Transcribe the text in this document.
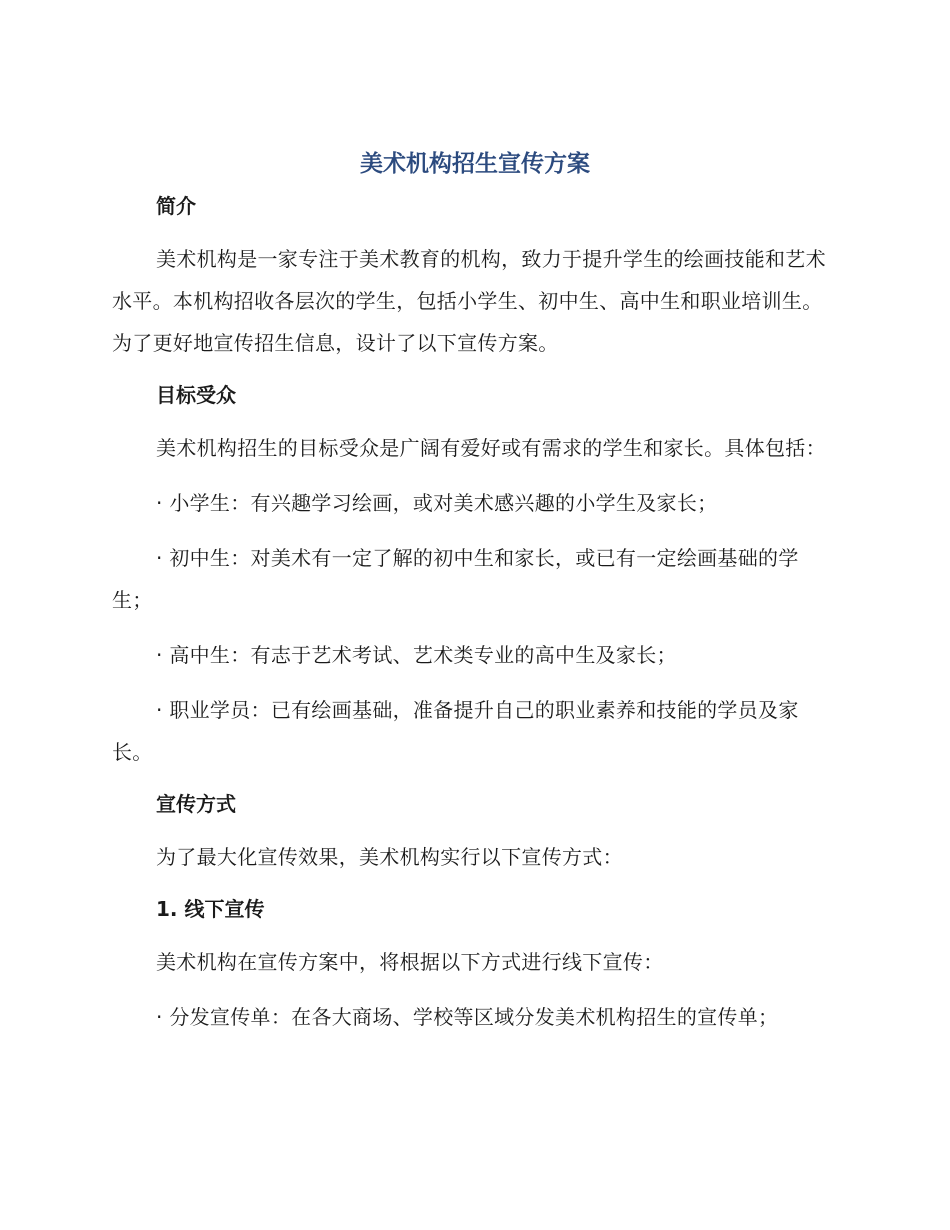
美术机构招生宣传方案
简介
美术机构是一家专注于美术教育的机构，致力于提升学生的绘画技能和艺术水平。本机构招收各层次的学生，包括小学生、初中生、高中生和职业培训生。为了更好地宣传招生信息，设计了以下宣传方案。
目标受众
美术机构招生的目标受众是广阔有爱好或有需求的学生和家长。具体包括：
· 小学生：有兴趣学习绘画，或对美术感兴趣的小学生及家长；
· 初中生：对美术有一定了解的初中生和家长，或已有一定绘画基础的学生；
· 高中生：有志于艺术考试、艺术类专业的高中生及家长；
· 职业学员：已有绘画基础，准备提升自己的职业素养和技能的学员及家长。
宣传方式
为了最大化宣传效果，美术机构实行以下宣传方式：
1. 线下宣传
美术机构在宣传方案中，将根据以下方式进行线下宣传：
· 分发宣传单：在各大商场、学校等区域分发美术机构招生的宣传单；
